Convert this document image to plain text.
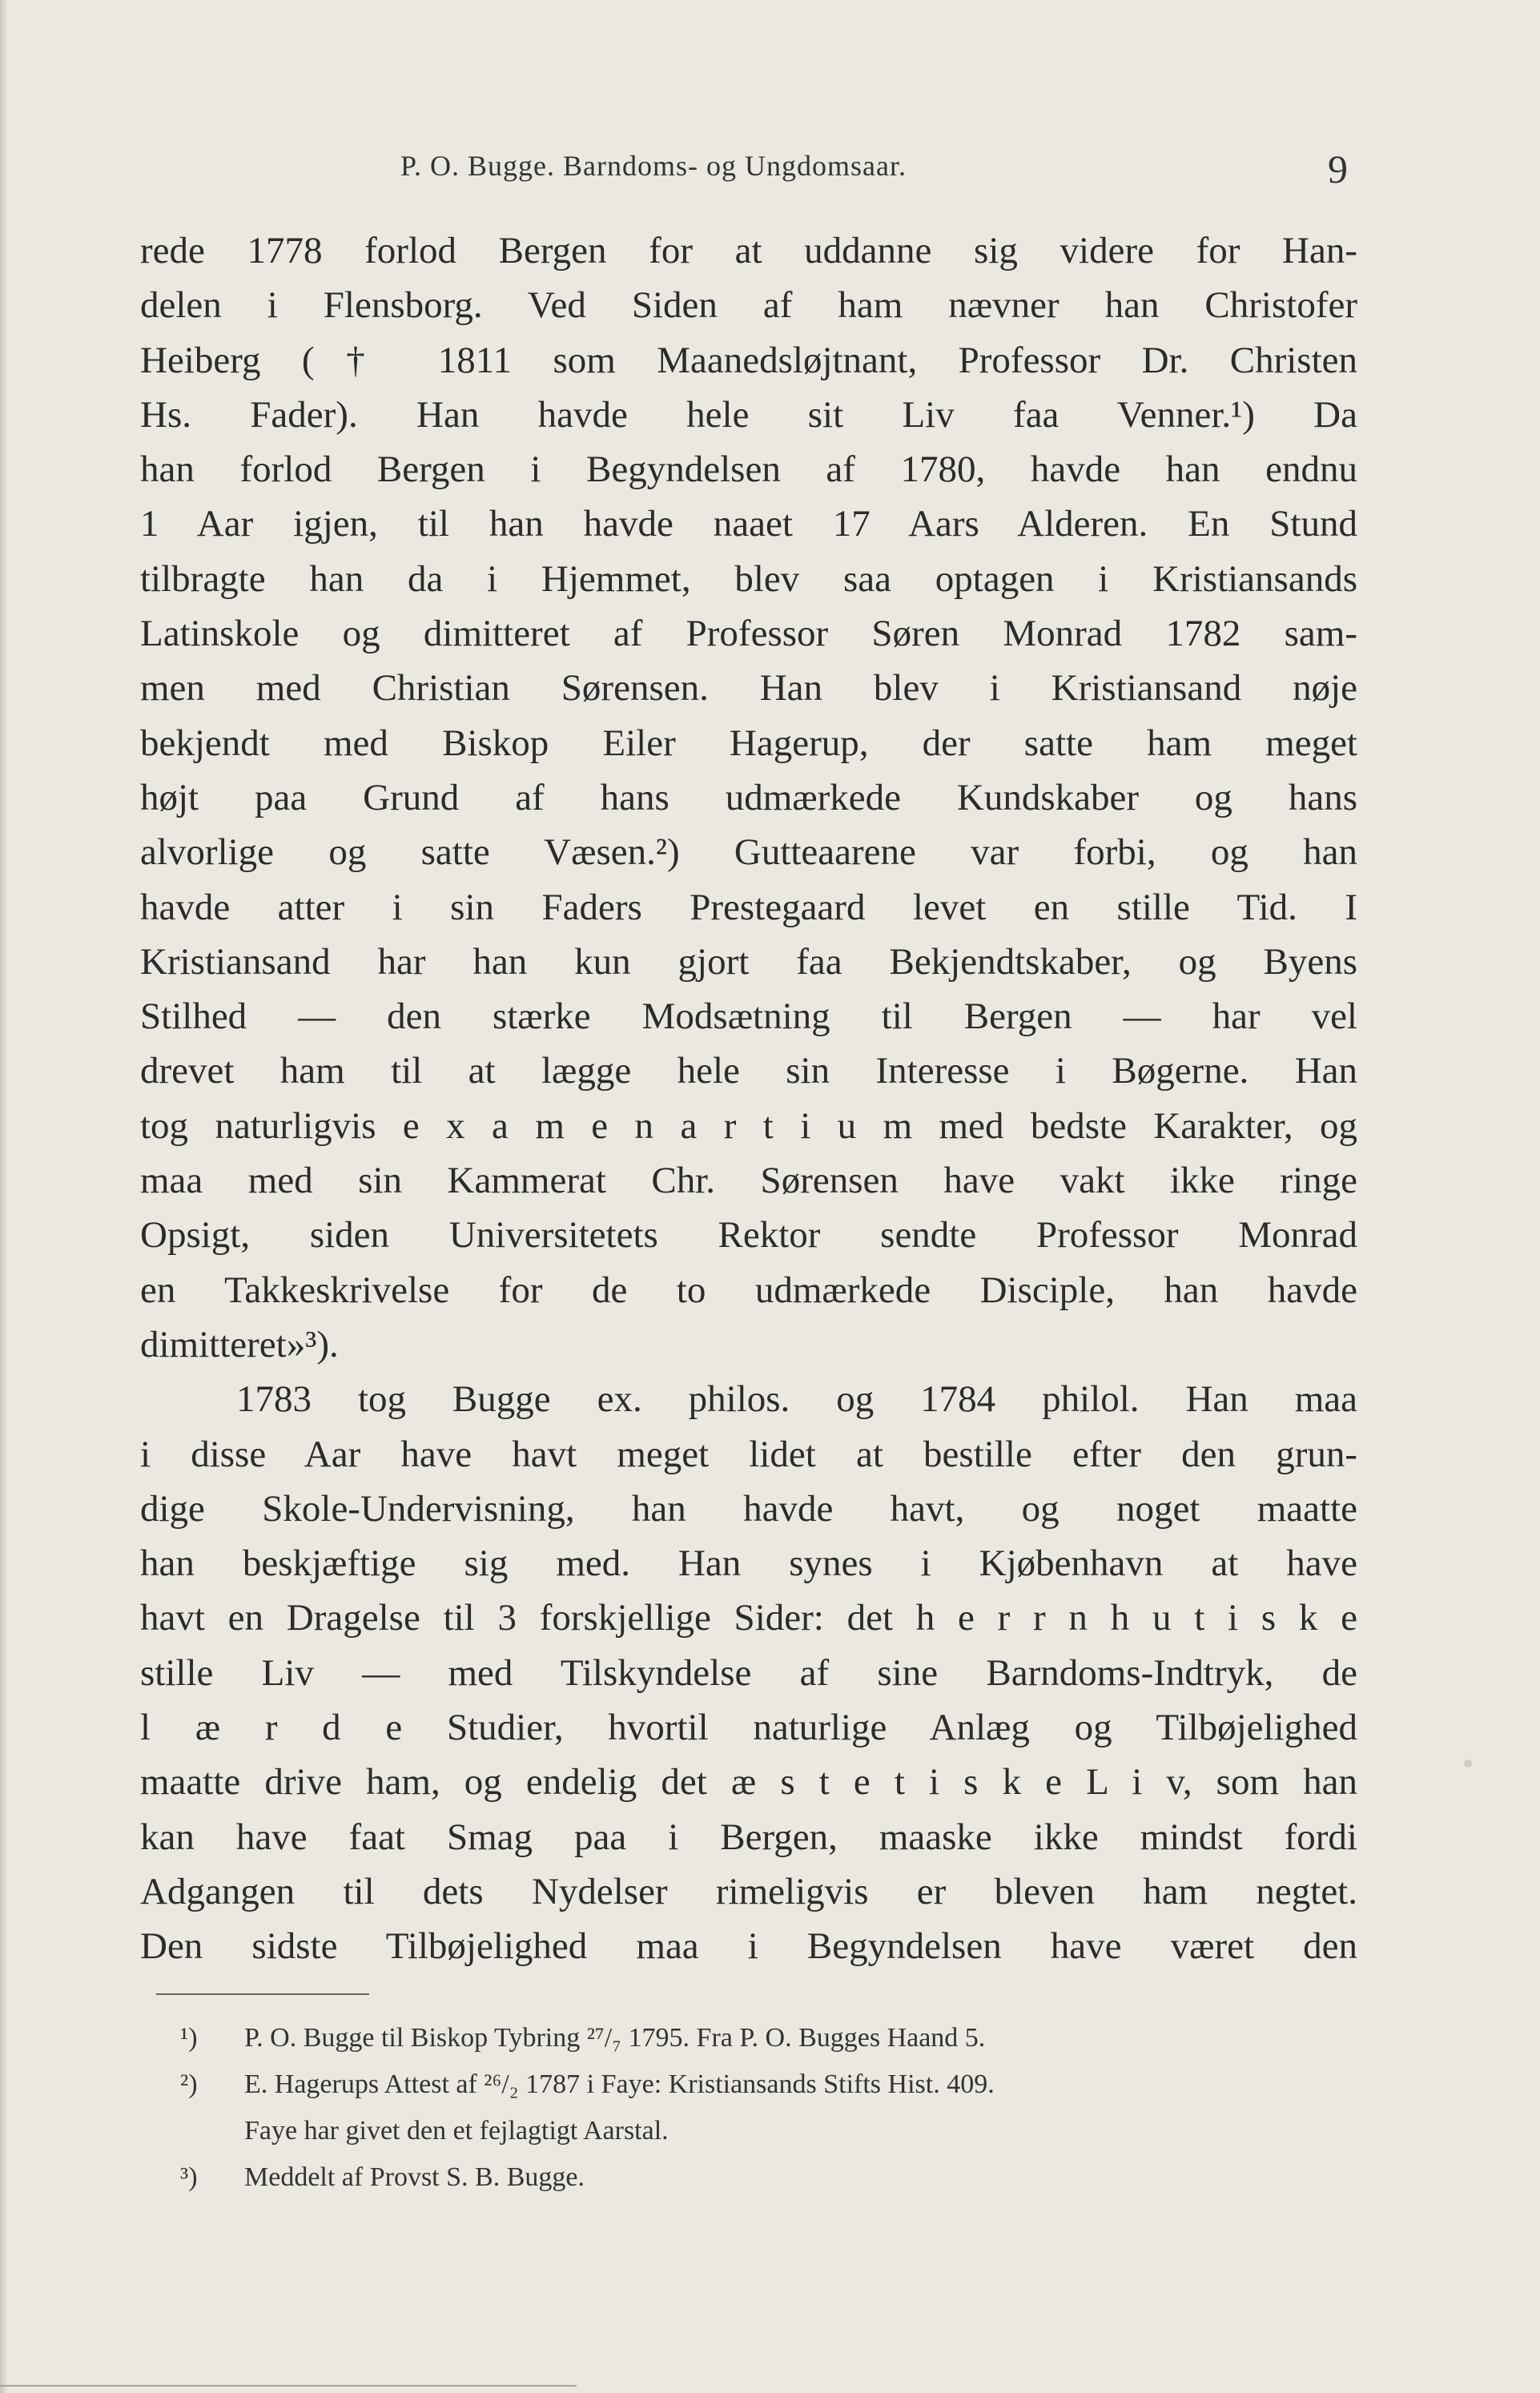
P. O. Bugge. Barndoms- og Ungdomsaar.	9
rede 1778 forlod Bergen for at uddanne sig videre for Han-
delen i Flensborg. Ved Siden af ham nævner han Christofer
Heiberg († 1811 som Maanedsløjtnant, Professor Dr. Christen
Hs. Fader). Han havde hele sit Liv faa Venner.¹) Da
han forlod Bergen i Begyndelsen af 1780, havde han endnu
1 Aar igjen, til han havde naaet 17 Aars Alderen. En Stund
tilbragte han da i Hjemmet, blev saa optagen i Kristiansands
Latinskole og dimitteret af Professor Søren Monrad 1782 sam-
men med Christian Sørensen. Han blev i Kristiansand nøje
bekjendt med Biskop Eiler Hagerup, der satte ham meget
højt paa Grund af hans udmærkede Kundskaber og hans
alvorlige og satte Væsen.²) Gutteaarene var forbi, og han
havde atter i sin Faders Prestegaard levet en stille Tid. I
Kristiansand har han kun gjort faa Bekjendtskaber, og Byens
Stilhed — den stærke Modsætning til Bergen — har vel
drevet ham til at lægge hele sin Interesse i Bøgerne. Han
tog naturligvis e x a m e n a r t i u m med bedste Karakter, og
maa med sin Kammerat Chr. Sørensen have vakt ikke ringe
Opsigt, siden Universitetets Rektor sendte Professor Monrad
en Takkeskrivelse for de to udmærkede Disciple, han havde
dimitteret»³).
1783 tog Bugge ex. philos. og 1784 philol. Han maa
i disse Aar have havt meget lidet at bestille efter den grun-
dige Skole-Undervisning, han havde havt, og noget maatte
han beskjæftige sig med. Han synes i Kjøbenhavn at have
havt en Dragelse til 3 forskjellige Sider: det h e r r n h u t i s k e
stille Liv — med Tilskyndelse af sine Barndoms-Indtryk, de
l æ r d e Studier, hvortil naturlige Anlæg og Tilbøjelighed
maatte drive ham, og endelig det æ s t e t i s k e L i v, som han
kan have faat Smag paa i Bergen, maaske ikke mindst fordi
Adgangen til dets Nydelser rimeligvis er bleven ham negtet.
Den sidste Tilbøjelighed maa i Begyndelsen have været den
¹) P. O. Bugge til Biskop Tybring ²⁷/₇ 1795. Fra P. O. Bugges Haand 5.
²) E. Hagerups Attest af ²⁶/₂ 1787 i Faye: Kristiansands Stifts Hist. 409.
Faye har givet den et fejlagtigt Aarstal.
³) Meddelt af Provst S. B. Bugge.
